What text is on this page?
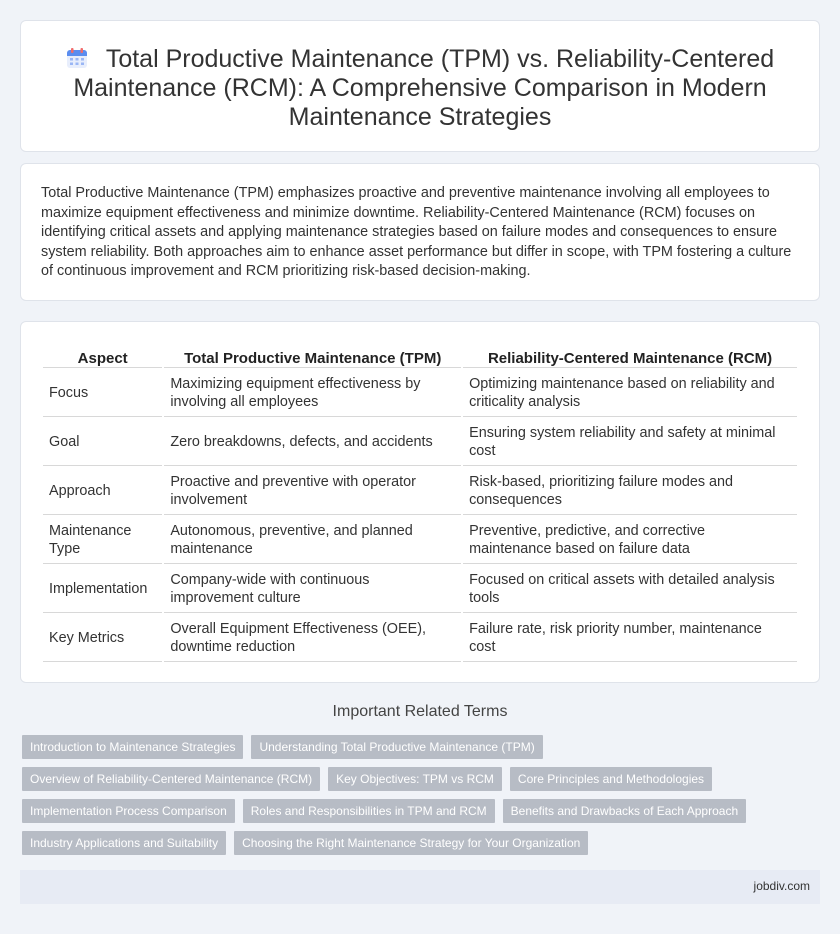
Total Productive Maintenance (TPM) vs. Reliability-Centered Maintenance (RCM): A Comprehensive Comparison in Modern Maintenance Strategies

Total Productive Maintenance (TPM) emphasizes proactive and preventive maintenance involving all employees to maximize equipment effectiveness and minimize downtime. Reliability-Centered Maintenance (RCM) focuses on identifying critical assets and applying maintenance strategies based on failure modes and consequences to ensure system reliability. Both approaches aim to enhance asset performance but differ in scope, with TPM fostering a culture of continuous improvement and RCM prioritizing risk-based decision-making.

Aspect	Total Productive Maintenance (TPM)	Reliability-Centered Maintenance (RCM)
Focus	Maximizing equipment effectiveness by involving all employees	Optimizing maintenance based on reliability and criticality analysis
Goal	Zero breakdowns, defects, and accidents	Ensuring system reliability and safety at minimal cost
Approach	Proactive and preventive with operator involvement	Risk-based, prioritizing failure modes and consequences
Maintenance Type	Autonomous, preventive, and planned maintenance	Preventive, predictive, and corrective maintenance based on failure data
Implementation	Company-wide with continuous improvement culture	Focused on critical assets with detailed analysis tools
Key Metrics	Overall Equipment Effectiveness (OEE), downtime reduction	Failure rate, risk priority number, maintenance cost
Important Related Terms
Introduction to Maintenance Strategies	Understanding Total Productive Maintenance (TPM)
Overview of Reliability-Centered Maintenance (RCM)	Key Objectives: TPM vs RCM	Core Principles and Methodologies
Implementation Process Comparison	Roles and Responsibilities in TPM and RCM	Benefits and Drawbacks of Each Approach
Industry Applications and Suitability	Choosing the Right Maintenance Strategy for Your Organization
jobdiv.com
